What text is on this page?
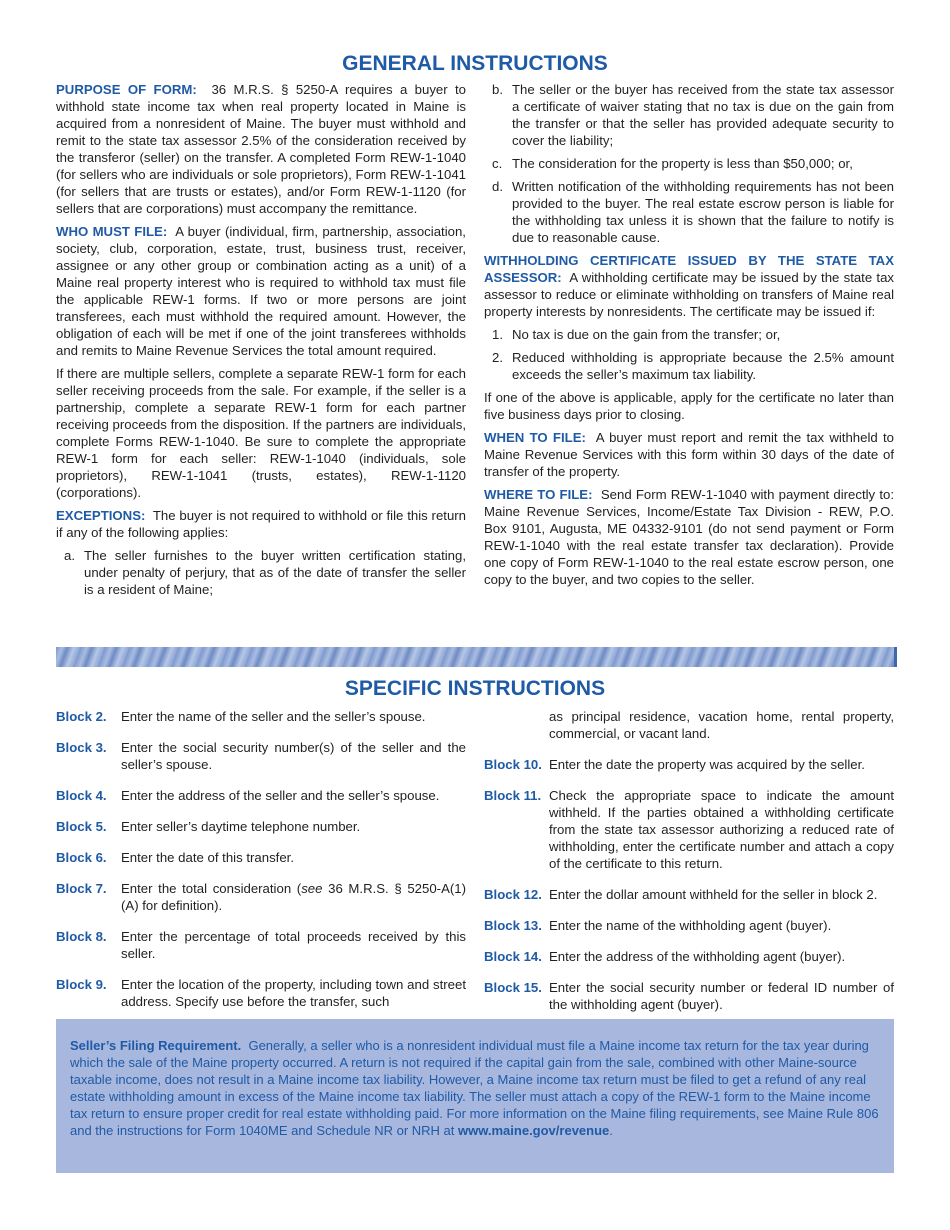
GENERAL INSTRUCTIONS

PURPOSE OF FORM: 36 M.R.S. § 5250-A requires a buyer to withhold state income tax when real property located in Maine is acquired from a nonresident of Maine. The buyer must withhold and remit to the state tax assessor 2.5% of the consideration received by the transferor (seller) on the transfer. A completed Form REW-1-1040 (for sellers who are individuals or sole proprietors), Form REW-1-1041 (for sellers that are trusts or estates), and/or Form REW-1-1120 (for sellers that are corporations) must accompany the remittance.

WHO MUST FILE: A buyer (individual, firm, partnership, association, society, club, corporation, estate, trust, business trust, receiver, assignee or any other group or combination acting as a unit) of a Maine real property interest who is required to withhold tax must file the applicable REW-1 forms. If two or more persons are joint transferees, each must withhold the required amount. However, the obligation of each will be met if one of the joint transferees withholds and remits to Maine Revenue Services the total amount required.

If there are multiple sellers, complete a separate REW-1 form for each seller receiving proceeds from the sale. For example, if the seller is a partnership, complete a separate REW-1 form for each partner receiving proceeds from the disposition. If the partners are individuals, complete Forms REW-1-1040. Be sure to complete the appropriate REW-1 form for each seller: REW-1-1040 (individuals, sole proprietors), REW-1-1041 (trusts, estates), REW-1-1120 (corporations).

EXCEPTIONS: The buyer is not required to withhold or file this return if any of the following applies:

a. The seller furnishes to the buyer written certification stating, under penalty of perjury, that as of the date of transfer the seller is a resident of Maine;
b. The seller or the buyer has received from the state tax assessor a certificate of waiver stating that no tax is due on the gain from the transfer or that the seller has provided adequate security to cover the liability;
c. The consideration for the property is less than $50,000; or,
d. Written notification of the withholding requirements has not been provided to the buyer. The real estate escrow person is liable for the withholding tax unless it is shown that the failure to notify is due to reasonable cause.

WITHHOLDING CERTIFICATE ISSUED BY THE STATE TAX ASSESSOR: A withholding certificate may be issued by the state tax assessor to reduce or eliminate withholding on transfers of Maine real property interests by nonresidents. The certificate may be issued if:

1. No tax is due on the gain from the transfer; or,
2. Reduced withholding is appropriate because the 2.5% amount exceeds the seller’s maximum tax liability.

If one of the above is applicable, apply for the certificate no later than five business days prior to closing.

WHEN TO FILE: A buyer must report and remit the tax withheld to Maine Revenue Services with this form within 30 days of the date of transfer of the property.

WHERE TO FILE: Send Form REW-1-1040 with payment directly to: Maine Revenue Services, Income/Estate Tax Division - REW, P.O. Box 9101, Augusta, ME 04332-9101 (do not send payment or Form REW-1-1040 with the real estate transfer tax declaration). Provide one copy of Form REW-1-1040 to the real estate escrow person, one copy to the buyer, and two copies to the seller.

SPECIFIC INSTRUCTIONS
Block 2. Enter the name of the seller and the seller’s spouse.
Block 3. Enter the social security number(s) of the seller and the seller’s spouse.
Block 4. Enter the address of the seller and the seller’s spouse.
Block 5. Enter seller’s daytime telephone number.
Block 6. Enter the date of this transfer.
Block 7. Enter the total consideration (see 36 M.R.S. § 5250-A(1)(A) for definition).
Block 8. Enter the percentage of total proceeds received by this seller.
Block 9. Enter the location of the property, including town and street address. Specify use before the transfer, such
as principal residence, vacation home, rental property, commercial, or vacant land.
Block 10. Enter the date the property was acquired by the seller.
Block 11. Check the appropriate space to indicate the amount withheld. If the parties obtained a withholding certificate from the state tax assessor authorizing a reduced rate of withholding, enter the certificate number and attach a copy of the certificate to this return.
Block 12. Enter the dollar amount withheld for the seller in block 2.
Block 13. Enter the name of the withholding agent (buyer).
Block 14. Enter the address of the withholding agent (buyer).
Block 15. Enter the social security number or federal ID number of the withholding agent (buyer).
Seller’s Filing Requirement. Generally, a seller who is a nonresident individual must file a Maine income tax return for the tax year during which the sale of the Maine property occurred. A return is not required if the capital gain from the sale, combined with other Maine-source taxable income, does not result in a Maine income tax liability. However, a Maine income tax return must be filed to get a refund of any real estate withholding amount in excess of the Maine income tax liability. The seller must attach a copy of the REW-1 form to the Maine income tax return to ensure proper credit for real estate withholding paid. For more information on the Maine filing requirements, see Maine Rule 806 and the instructions for Form 1040ME and Schedule NR or NRH at www.maine.gov/revenue.
